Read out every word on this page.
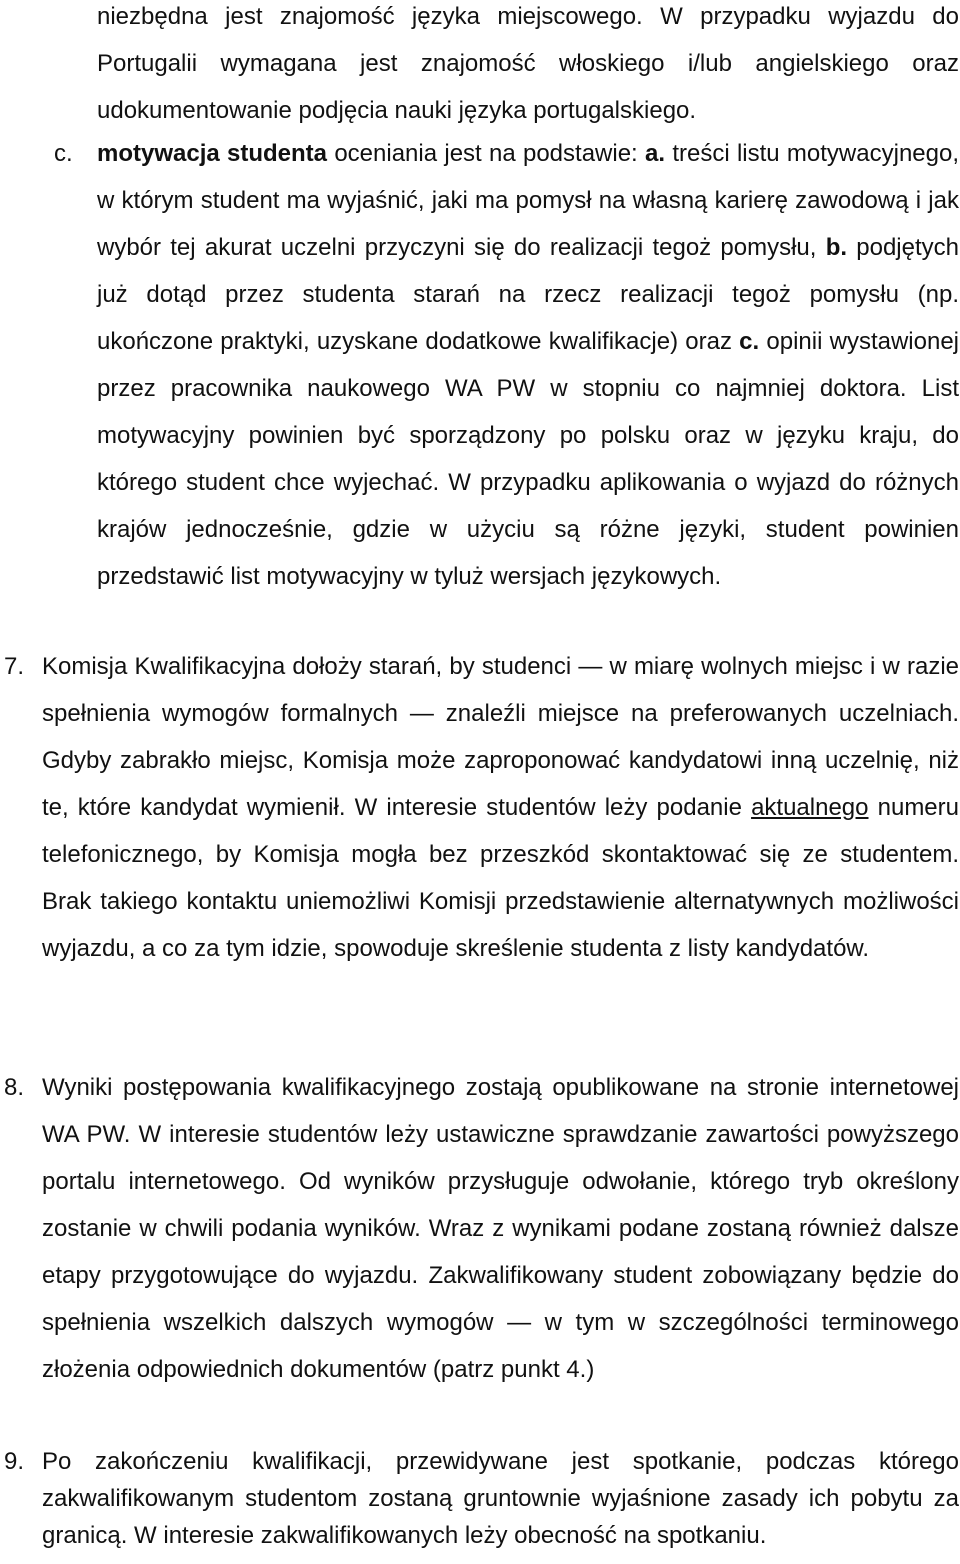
niezbędna jest znajomość języka miejscowego. W przypadku wyjazdu do Portugalii wymagana jest znajomość włoskiego i/lub angielskiego oraz udokumentowanie podjęcia nauki języka portugalskiego.

c. motywacja studenta oceniania jest na podstawie: a. treści listu motywacyjnego, w którym student ma wyjaśnić, jaki ma pomysł na własną karierę zawodową i jak wybór tej akurat uczelni przyczyni się do realizacji tegoż pomysłu, b. podjętych już dotąd przez studenta starań na rzecz realizacji tegoż pomysłu (np. ukończone praktyki, uzyskane dodatkowe kwalifikacje) oraz c. opinii wystawionej przez pracownika naukowego WA PW w stopniu co najmniej doktora. List motywacyjny powinien być sporządzony po polsku oraz w języku kraju, do którego student chce wyjechać. W przypadku aplikowania o wyjazd do różnych krajów jednocześnie, gdzie w użyciu są różne języki, student powinien przedstawić list motywacyjny w tyluż wersjach językowych.

7. Komisja Kwalifikacyjna dołoży starań, by studenci — w miarę wolnych miejsc i w razie spełnienia wymogów formalnych — znaleźli miejsce na preferowanych uczelniach. Gdyby zabrakło miejsc, Komisja może zaproponować kandydatowi inną uczelnię, niż te, które kandydat wymienił. W interesie studentów leży podanie aktualnego numeru telefonicznego, by Komisja mogła bez przeszkód skontaktować się ze studentem. Brak takiego kontaktu uniemożliwi Komisji przedstawienie alternatywnych możliwości wyjazdu, a co za tym idzie, spowoduje skreślenie studenta z listy kandydatów.

8. Wyniki postępowania kwalifikacyjnego zostają opublikowane na stronie internetowej WA PW. W interesie studentów leży ustawiczne sprawdzanie zawartości powyższego portalu internetowego. Od wyników przysługuje odwołanie, którego tryb określony zostanie w chwili podania wyników. Wraz z wynikami podane zostaną również dalsze etapy przygotowujące do wyjazdu. Zakwalifikowany student zobowiązany będzie do spełnienia wszelkich dalszych wymogów — w tym w szczególności terminowego złożenia odpowiednich dokumentów (patrz punkt 4.)

9. Po zakończeniu kwalifikacji, przewidywane jest spotkanie, podczas którego zakwalifikowanym studentom zostaną gruntownie wyjaśnione zasady ich pobytu za granicą. W interesie zakwalifikowanych leży obecność na spotkaniu.
